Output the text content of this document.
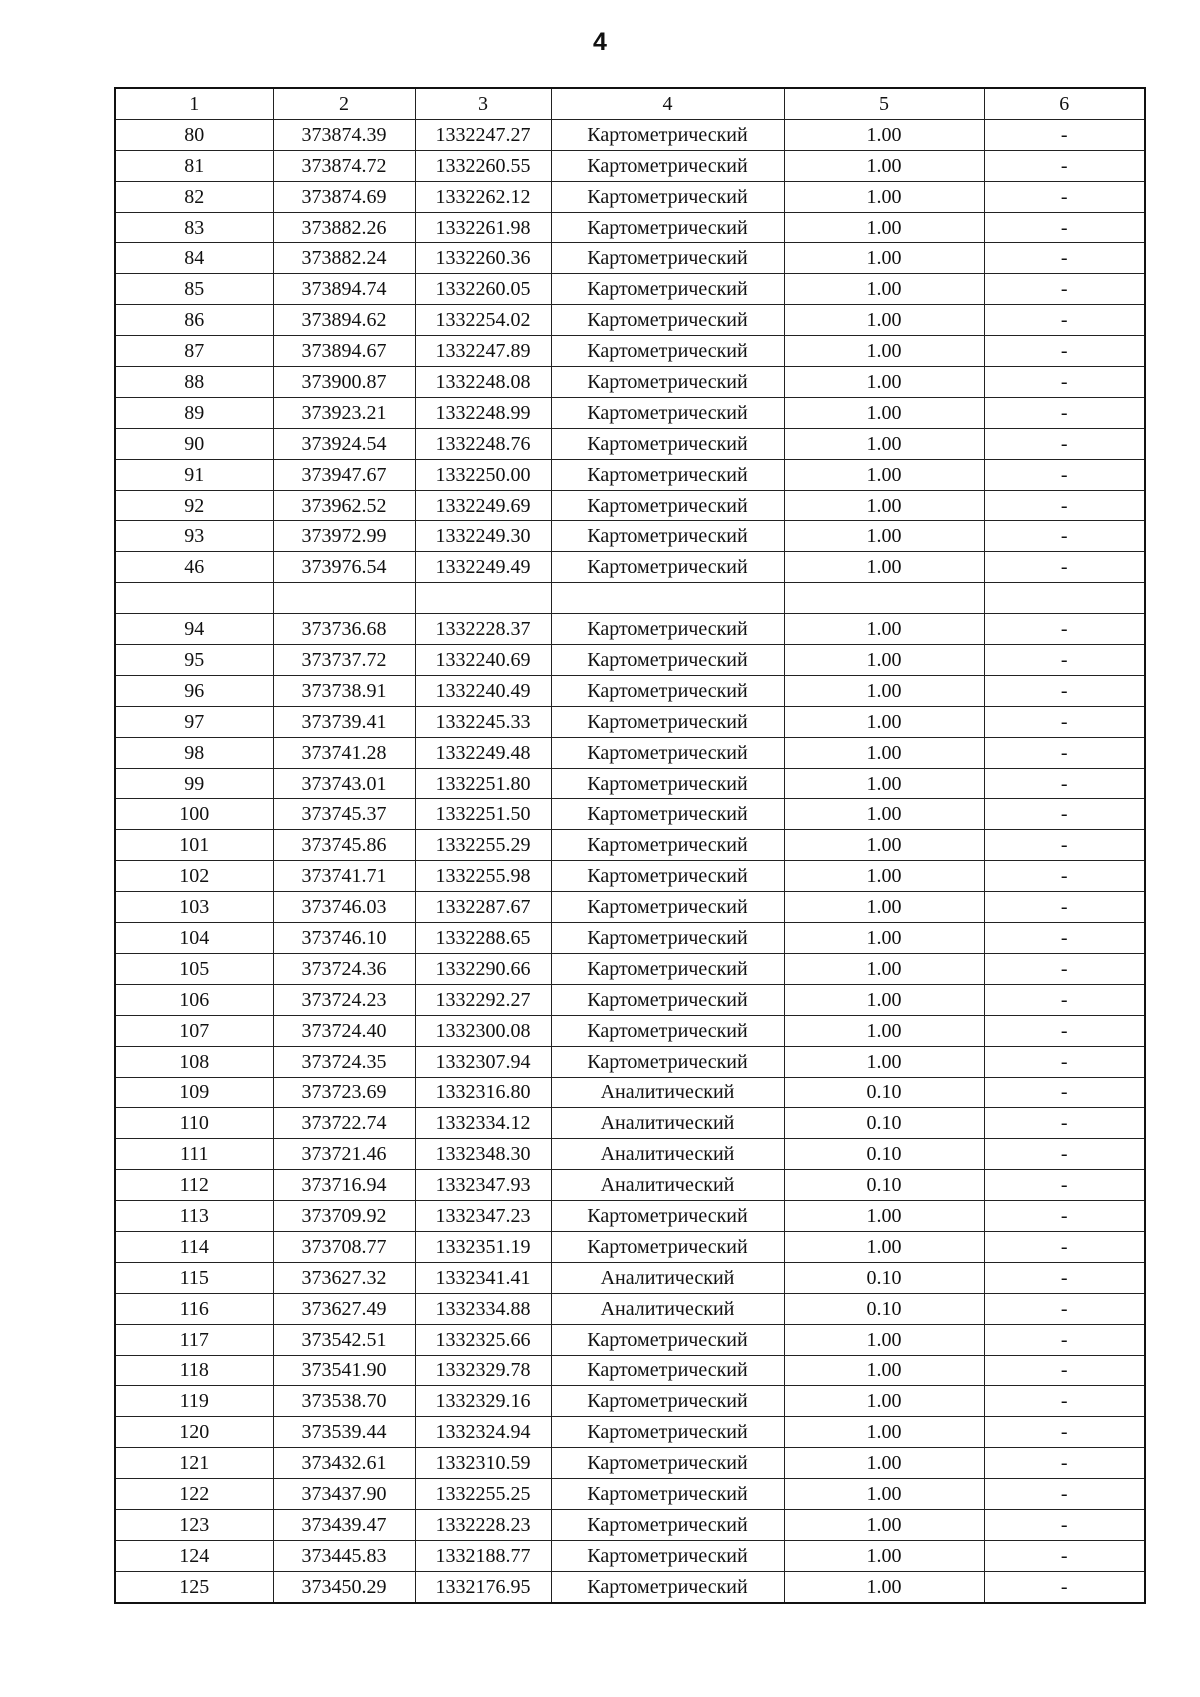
4
1	2	3	4	5	6
80	373874.39	1332247.27	Картометрический	1.00	-
81	373874.72	1332260.55	Картометрический	1.00	-
82	373874.69	1332262.12	Картометрический	1.00	-
83	373882.26	1332261.98	Картометрический	1.00	-
84	373882.24	1332260.36	Картометрический	1.00	-
85	373894.74	1332260.05	Картометрический	1.00	-
86	373894.62	1332254.02	Картометрический	1.00	-
87	373894.67	1332247.89	Картометрический	1.00	-
88	373900.87	1332248.08	Картометрический	1.00	-
89	373923.21	1332248.99	Картометрический	1.00	-
90	373924.54	1332248.76	Картометрический	1.00	-
91	373947.67	1332250.00	Картометрический	1.00	-
92	373962.52	1332249.69	Картометрический	1.00	-
93	373972.99	1332249.30	Картометрический	1.00	-
46	373976.54	1332249.49	Картометрический	1.00	-

94	373736.68	1332228.37	Картометрический	1.00	-
95	373737.72	1332240.69	Картометрический	1.00	-
96	373738.91	1332240.49	Картометрический	1.00	-
97	373739.41	1332245.33	Картометрический	1.00	-
98	373741.28	1332249.48	Картометрический	1.00	-
99	373743.01	1332251.80	Картометрический	1.00	-
100	373745.37	1332251.50	Картометрический	1.00	-
101	373745.86	1332255.29	Картометрический	1.00	-
102	373741.71	1332255.98	Картометрический	1.00	-
103	373746.03	1332287.67	Картометрический	1.00	-
104	373746.10	1332288.65	Картометрический	1.00	-
105	373724.36	1332290.66	Картометрический	1.00	-
106	373724.23	1332292.27	Картометрический	1.00	-
107	373724.40	1332300.08	Картометрический	1.00	-
108	373724.35	1332307.94	Картометрический	1.00	-
109	373723.69	1332316.80	Аналитический	0.10	-
110	373722.74	1332334.12	Аналитический	0.10	-
111	373721.46	1332348.30	Аналитический	0.10	-
112	373716.94	1332347.93	Аналитический	0.10	-
113	373709.92	1332347.23	Картометрический	1.00	-
114	373708.77	1332351.19	Картометрический	1.00	-
115	373627.32	1332341.41	Аналитический	0.10	-
116	373627.49	1332334.88	Аналитический	0.10	-
117	373542.51	1332325.66	Картометрический	1.00	-
118	373541.90	1332329.78	Картометрический	1.00	-
119	373538.70	1332329.16	Картометрический	1.00	-
120	373539.44	1332324.94	Картометрический	1.00	-
121	373432.61	1332310.59	Картометрический	1.00	-
122	373437.90	1332255.25	Картометрический	1.00	-
123	373439.47	1332228.23	Картометрический	1.00	-
124	373445.83	1332188.77	Картометрический	1.00	-
125	373450.29	1332176.95	Картометрический	1.00	-
